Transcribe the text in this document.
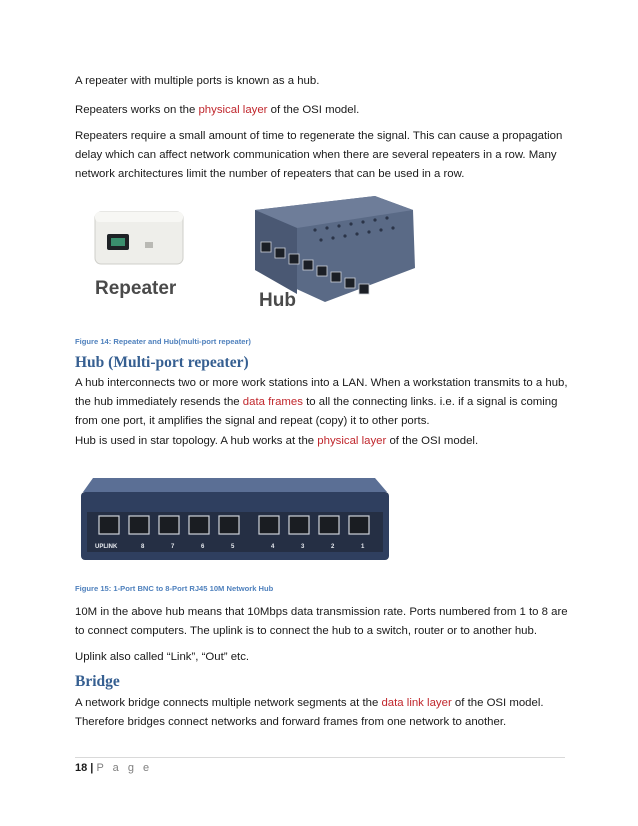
A repeater with multiple ports is known as a hub.

Repeaters works on the physical layer of the OSI model.

Repeaters require a small amount of time to regenerate the signal. This can cause a propagation delay which can affect network communication when there are several repeaters in a row. Many network architectures limit the number of repeaters that can be used in a row.

Repeater
Hub
Figure 14: Repeater and Hub(multi-port repeater)
Hub (Multi-port repeater)

A hub interconnects two or more work stations into a LAN. When a workstation transmits to a hub, the hub immediately resends the data frames to all the connecting links. i.e. if a signal is coming from one port, it amplifies the signal and repeat (copy) it to other ports.

Hub is used in star topology. A hub works at the physical layer of the OSI model.

UPLINK	8	7	6	5	4	3	2	1
Figure 15: 1-Port BNC to 8-Port RJ45 10M Network Hub

10M in the above hub means that 10Mbps data transmission rate. Ports numbered from 1 to 8 are to connect computers. The uplink is to connect the hub to a switch, router or to another hub.

Uplink also called “Link”, “Out” etc.

Bridge

A network bridge connects multiple network segments at the data link layer of the OSI model. Therefore bridges connect networks and forward frames from one network to another.

18 | P a g e
